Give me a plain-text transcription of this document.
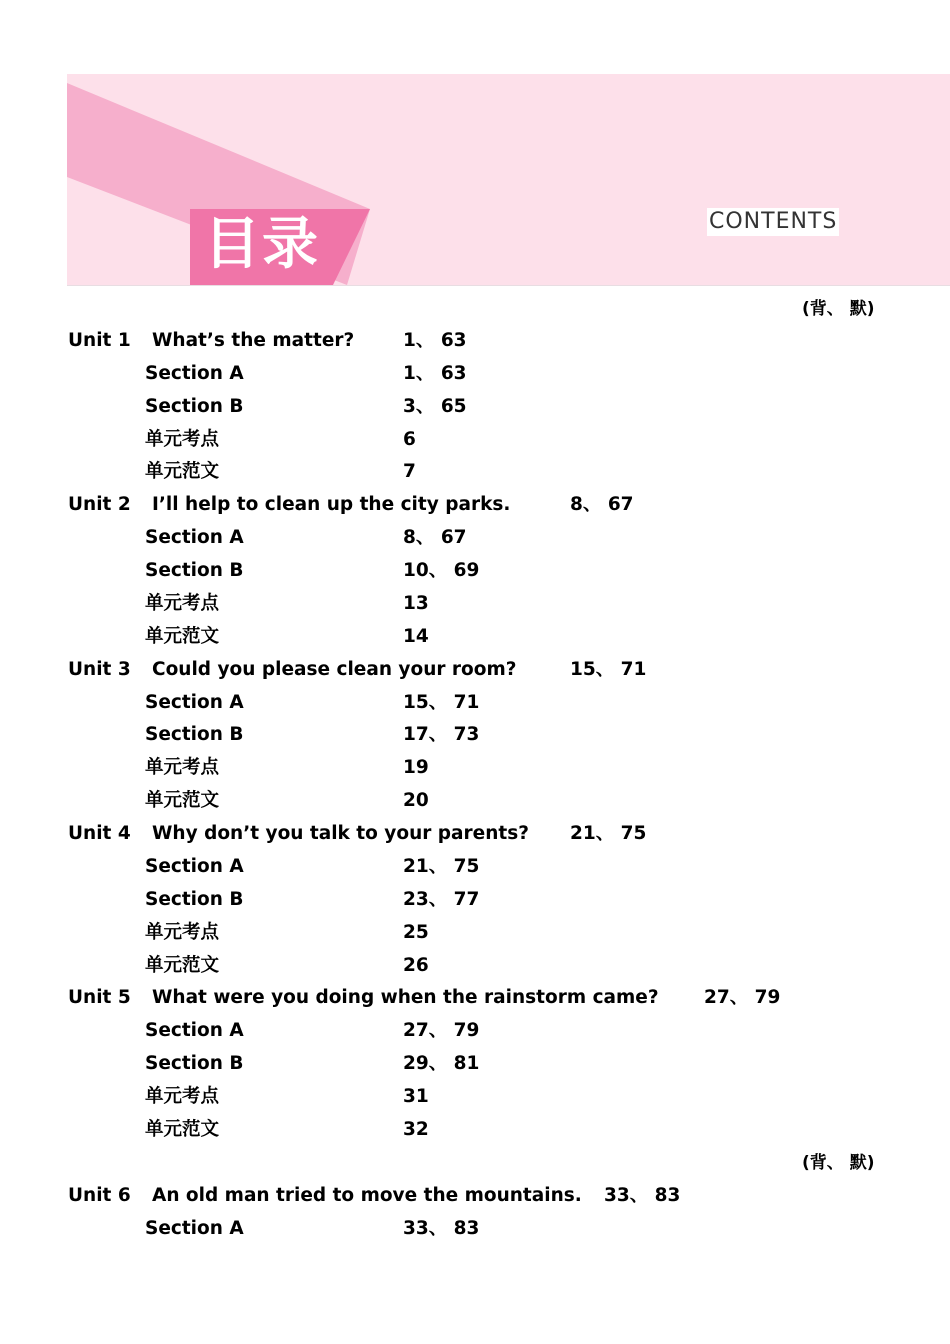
目录	CONTENTS
(背、 默)
Unit 1 What’s the matter?	1、 63
Section A	1、 63
Section B	3、 65
单元考点	6
单元范文	7
Unit 2 I’ll help to clean up the city parks.	8、 67
Section A	8、 67
Section B	10、 69
单元考点	13
单元范文	14
Unit 3 Could you please clean your room?	15、 71
Section A	15、 71
Section B	17、 73
单元考点	19
单元范文	20
Unit 4 Why don’t you talk to your parents? 21、 75
Section A	21、 75
Section B	23、 77
单元考点	25
单元范文	26
Unit 5 What were you doing when the rainstorm came? 27、 79
Section A	27、 79
Section B	29、 81
单元考点	31
单元范文	32
(背、 默)
Unit 6 An old man tried to move the mountains. 33、 83
Section A	33、 83
